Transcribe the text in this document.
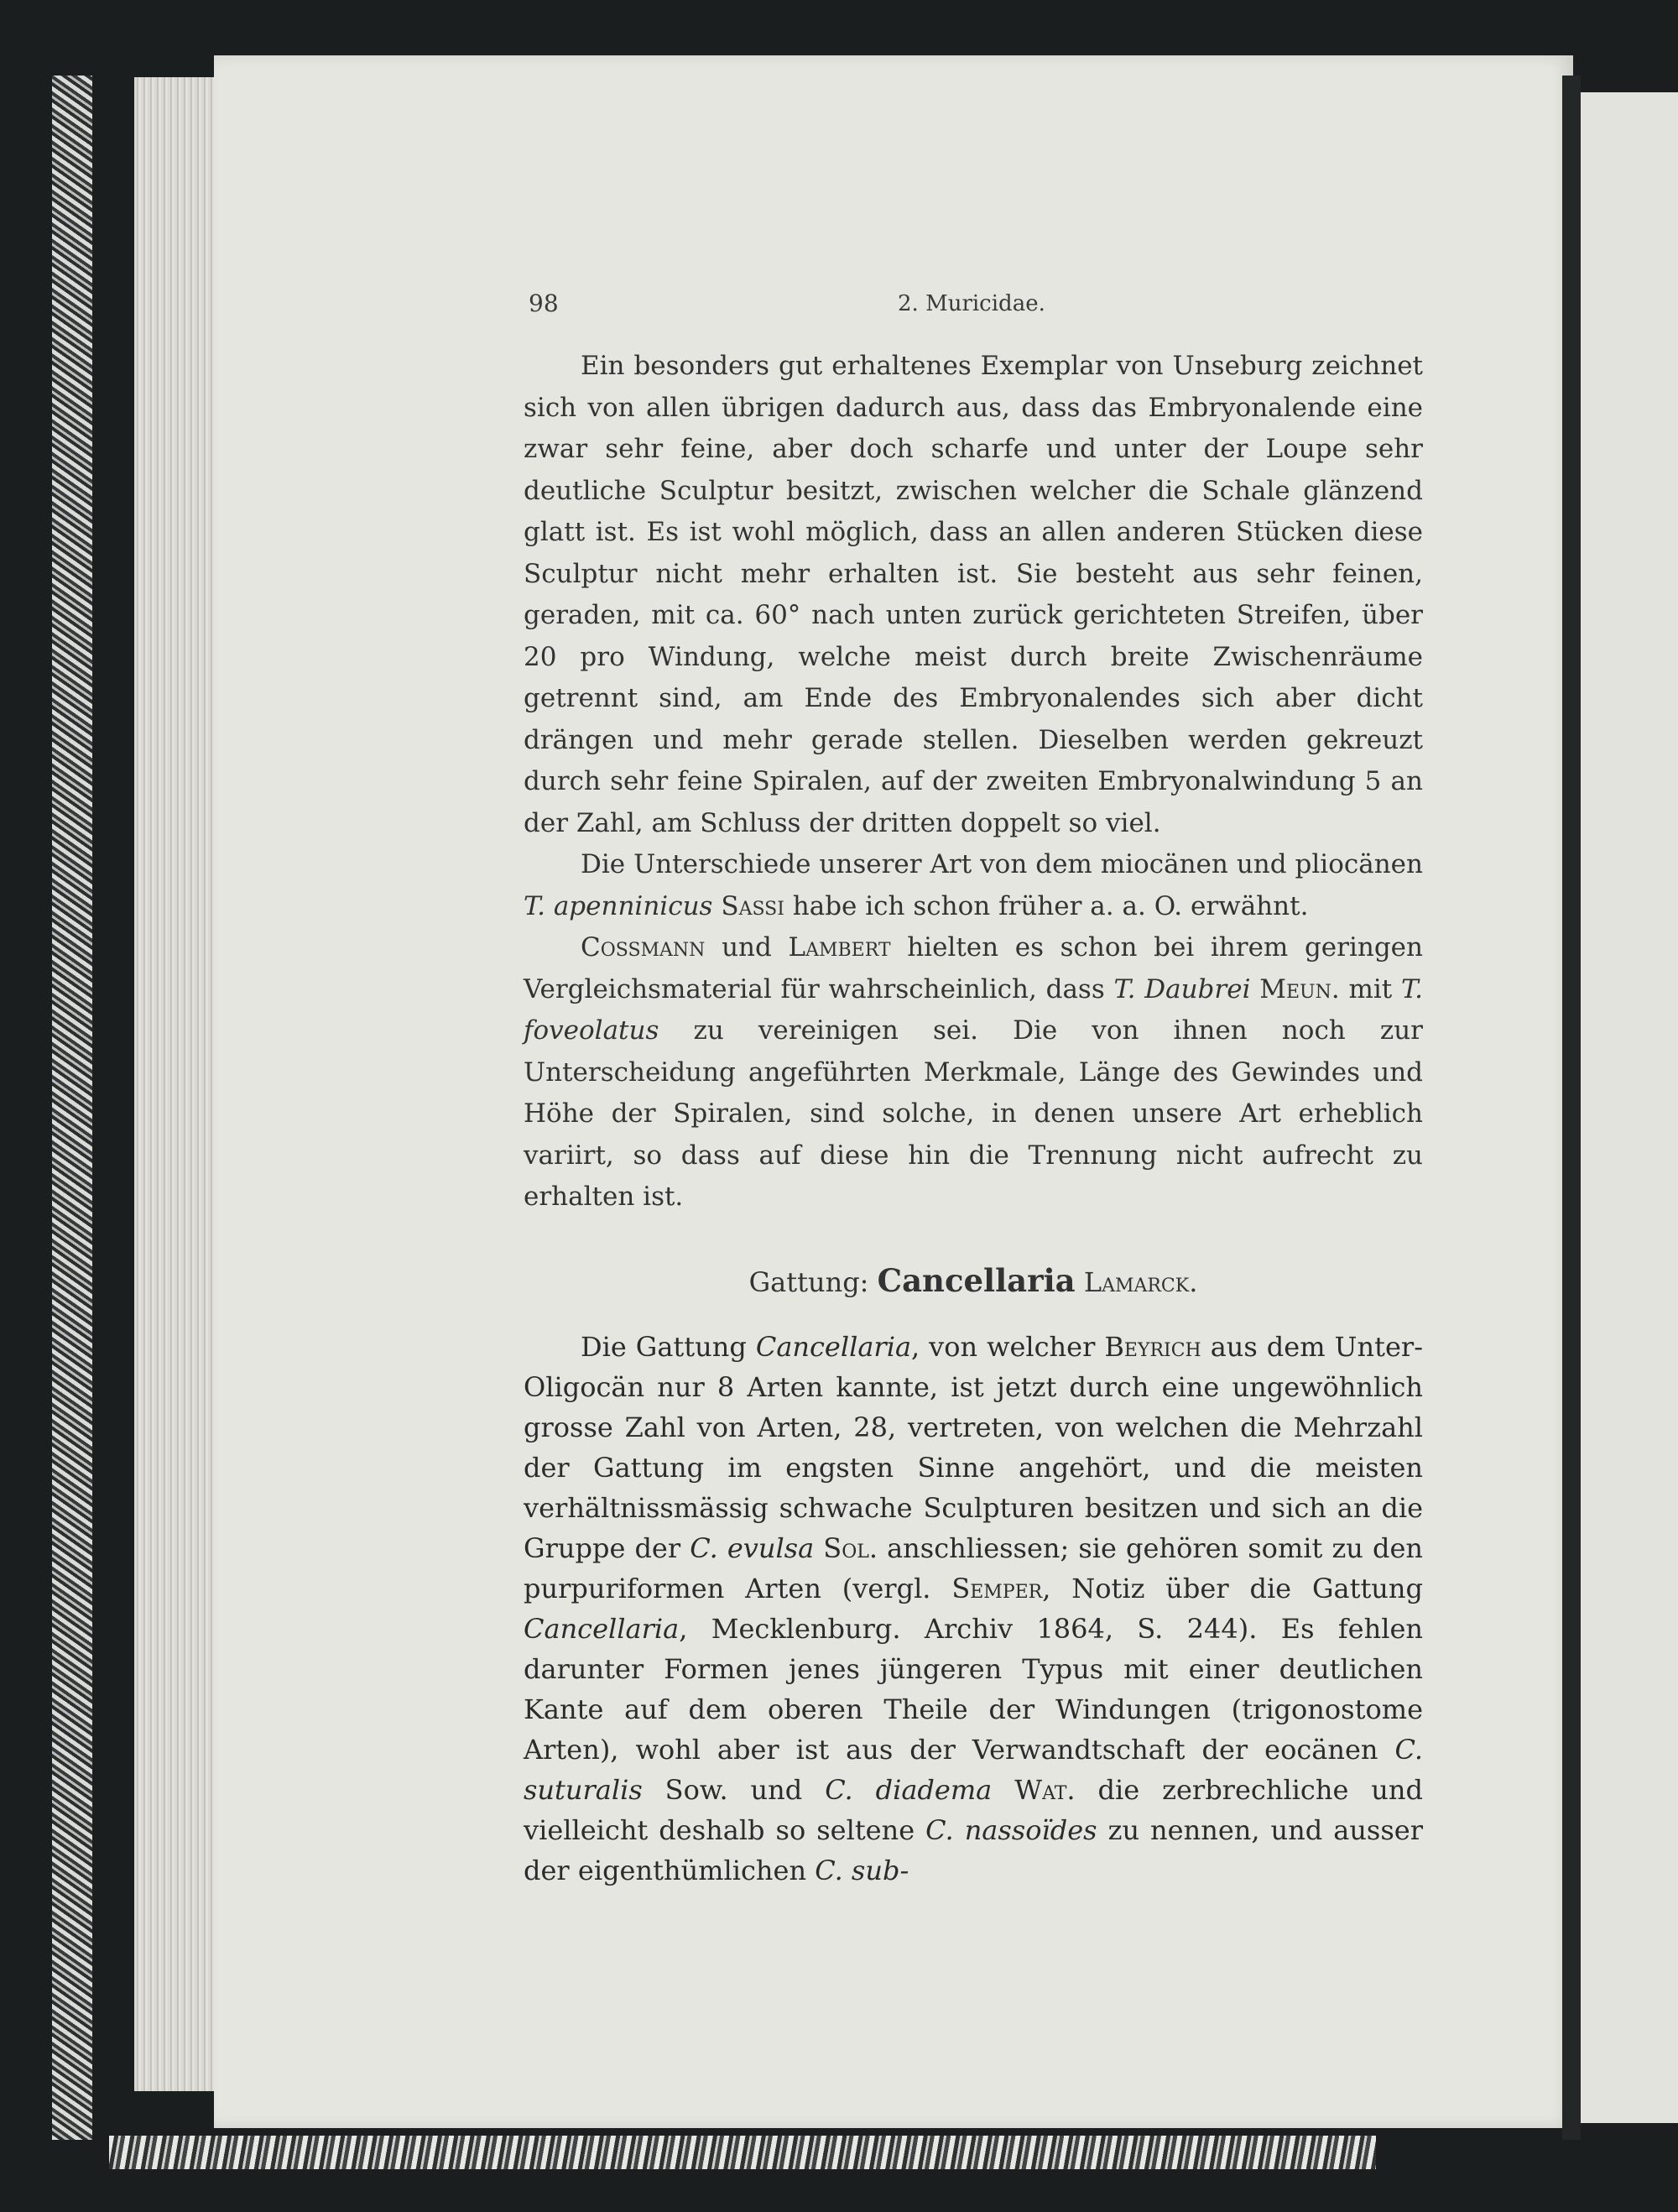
98	2. Muricidae.

Ein besonders gut erhaltenes Exemplar von Unseburg zeichnet sich von allen übrigen dadurch aus, dass das Embryonalende eine zwar sehr feine, aber doch scharfe und unter der Loupe sehr deutliche Sculptur besitzt, zwischen welcher die Schale glänzend glatt ist. Es ist wohl möglich, dass an allen anderen Stücken diese Sculptur nicht mehr erhalten ist. Sie besteht aus sehr feinen, geraden, mit ca. 60° nach unten zurück gerichteten Streifen, über 20 pro Windung, welche meist durch breite Zwischenräume getrennt sind, am Ende des Embryonalendes sich aber dicht drängen und mehr gerade stellen. Dieselben werden gekreuzt durch sehr feine Spiralen, auf der zweiten Embryonalwindung 5 an der Zahl, am Schluss der dritten doppelt so viel.

Die Unterschiede unserer Art von dem miocänen und pliocänen T. apenninicus Sassi habe ich schon früher a. a. O. erwähnt.

Cossmann und Lambert hielten es schon bei ihrem geringen Vergleichsmaterial für wahrscheinlich, dass T. Daubrei Meun. mit T. foveolatus zu vereinigen sei. Die von ihnen noch zur Unterscheidung angeführten Merkmale, Länge des Gewindes und Höhe der Spiralen, sind solche, in denen unsere Art erheblich variirt, so dass auf diese hin die Trennung nicht aufrecht zu erhalten ist.

Gattung: Cancellaria Lamarck.

Die Gattung Cancellaria, von welcher Beyrich aus dem Unter-Oligocän nur 8 Arten kannte, ist jetzt durch eine ungewöhnlich grosse Zahl von Arten, 28, vertreten, von welchen die Mehrzahl der Gattung im engsten Sinne angehört, und die meisten verhältnissmässig schwache Sculpturen besitzen und sich an die Gruppe der C. evulsa Sol. anschliessen; sie gehören somit zu den purpuriformen Arten (vergl. Semper, Notiz über die Gattung Cancellaria, Mecklenburg. Archiv 1864, S. 244). Es fehlen darunter Formen jenes jüngeren Typus mit einer deutlichen Kante auf dem oberen Theile der Windungen (trigonostome Arten), wohl aber ist aus der Verwandtschaft der eocänen C. suturalis Sow. und C. diadema Wat. die zerbrechliche und vielleicht deshalb so seltene C. nassoïdes zu nennen, und ausser der eigenthümlichen C. sub-
